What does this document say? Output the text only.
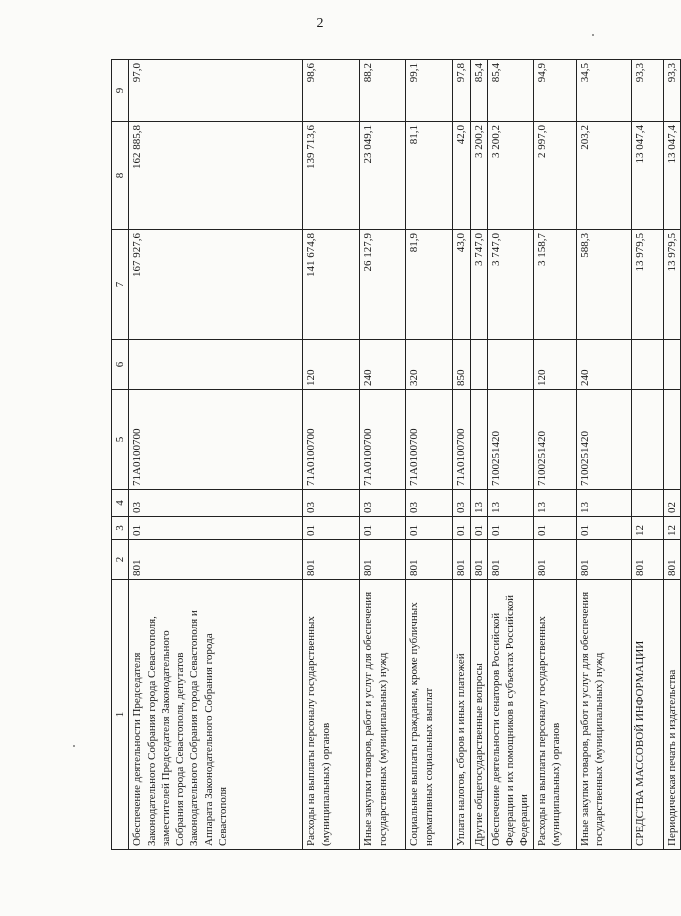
2
1	2	3	4	5	6	7	8	9
Обеспечение деятельности Председателя Законодательного Собрания города Севастополя, заместителей Председателя Законодательного Собрания города Севастополя, депутатов Законодательного Собрания города Севастополя и Аппарата Законодательного Собрания города Севастополя	801	01	03	71А0100700		167 927,6	162 885,8	97,0
Расходы на выплаты персоналу государственных (муниципальных) органов	801	01	03	71А0100700	120	141 674,8	139 713,6	98,6
Иные закупки товаров, работ и услуг для обеспечения государственных (муниципальных) нужд	801	01	03	71А0100700	240	26 127,9	23 049,1	88,2
Социальные выплаты гражданам, кроме публичных нормативных социальных выплат	801	01	03	71А0100700	320	81,9	81,1	99,1
Уплата налогов, сборов и иных платежей	801	01	03	71А0100700	850	43,0	42,0	97,8
Другие общегосударственные вопросы	801	01	13			3 747,0	3 200,2	85,4
Обеспечение деятельности сенаторов Российской Федерации и их помощников в субъектах Российской Федерации	801	01	13	7100251420		3 747,0	3 200,2	85,4
Расходы на выплаты персоналу государственных (муниципальных) органов	801	01	13	7100251420	120	3 158,7	2 997,0	94,9
Иные закупки товаров, работ и услуг для обеспечения государственных (муниципальных) нужд	801	01	13	7100251420	240	588,3	203,2	34,5
СРЕДСТВА МАССОВОЙ ИНФОРМАЦИИ	801	12				13 979,5	13 047,4	93,3
Периодическая печать и издательства	801	12	02			13 979,5	13 047,4	93,3
